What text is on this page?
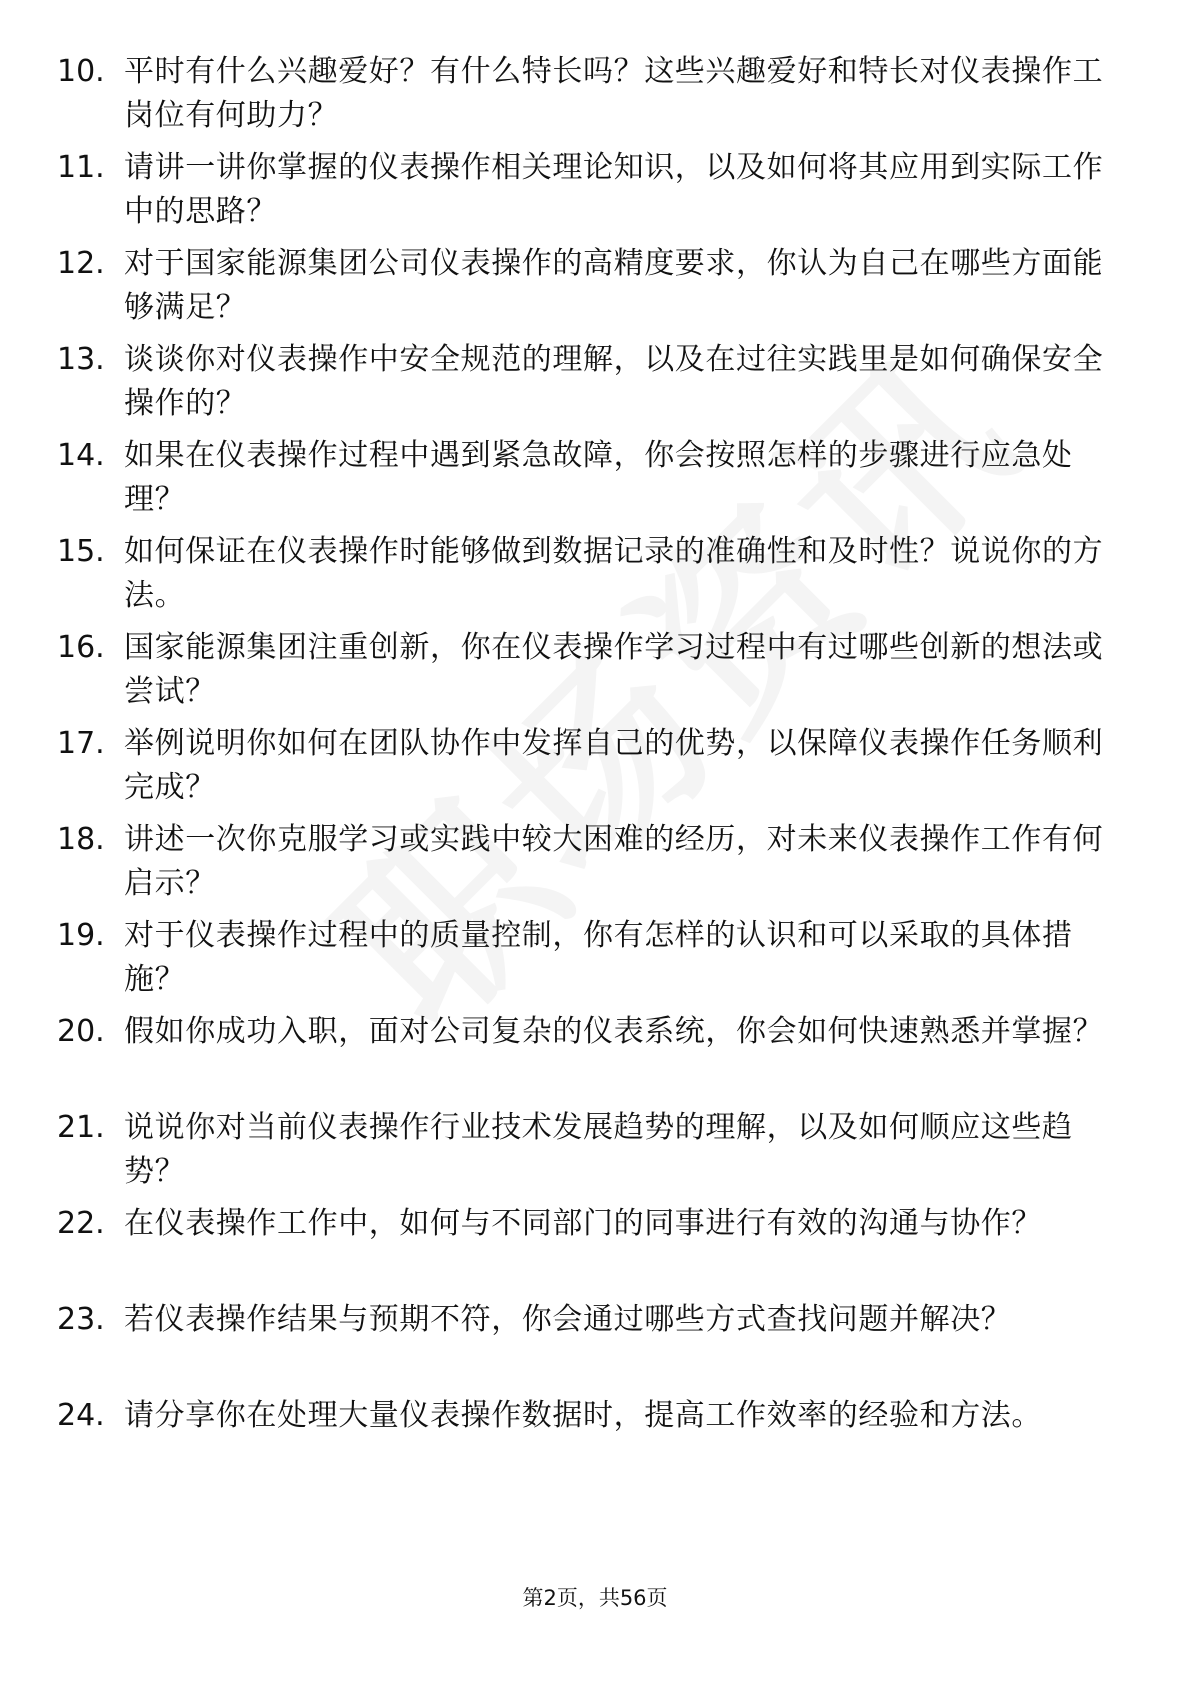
10. 平时有什么兴趣爱好？有什么特长吗？这些兴趣爱好和特长对仪表操作工岗位有何助力？
11. 请讲一讲你掌握的仪表操作相关理论知识，以及如何将其应用到实际工作中的思路？
12. 对于国家能源集团公司仪表操作的高精度要求，你认为自己在哪些方面能够满足？
13. 谈谈你对仪表操作中安全规范的理解，以及在过往实践里是如何确保安全操作的？
14. 如果在仪表操作过程中遇到紧急故障，你会按照怎样的步骤进行应急处理？
15. 如何保证在仪表操作时能够做到数据记录的准确性和及时性？说说你的方法。
16. 国家能源集团注重创新，你在仪表操作学习过程中有过哪些创新的想法或尝试？
17. 举例说明你如何在团队协作中发挥自己的优势，以保障仪表操作任务顺利完成？
18. 讲述一次你克服学习或实践中较大困难的经历，对未来仪表操作工作有何启示？
19. 对于仪表操作过程中的质量控制，你有怎样的认识和可以采取的具体措施？
20. 假如你成功入职，面对公司复杂的仪表系统，你会如何快速熟悉并掌握？
21. 说说你对当前仪表操作行业技术发展趋势的理解，以及如何顺应这些趋势？
22. 在仪表操作工作中，如何与不同部门的同事进行有效的沟通与协作？
23. 若仪表操作结果与预期不符，你会通过哪些方式查找问题并解决？
24. 请分享你在处理大量仪表操作数据时，提高工作效率的经验和方法。
第2页，共56页
